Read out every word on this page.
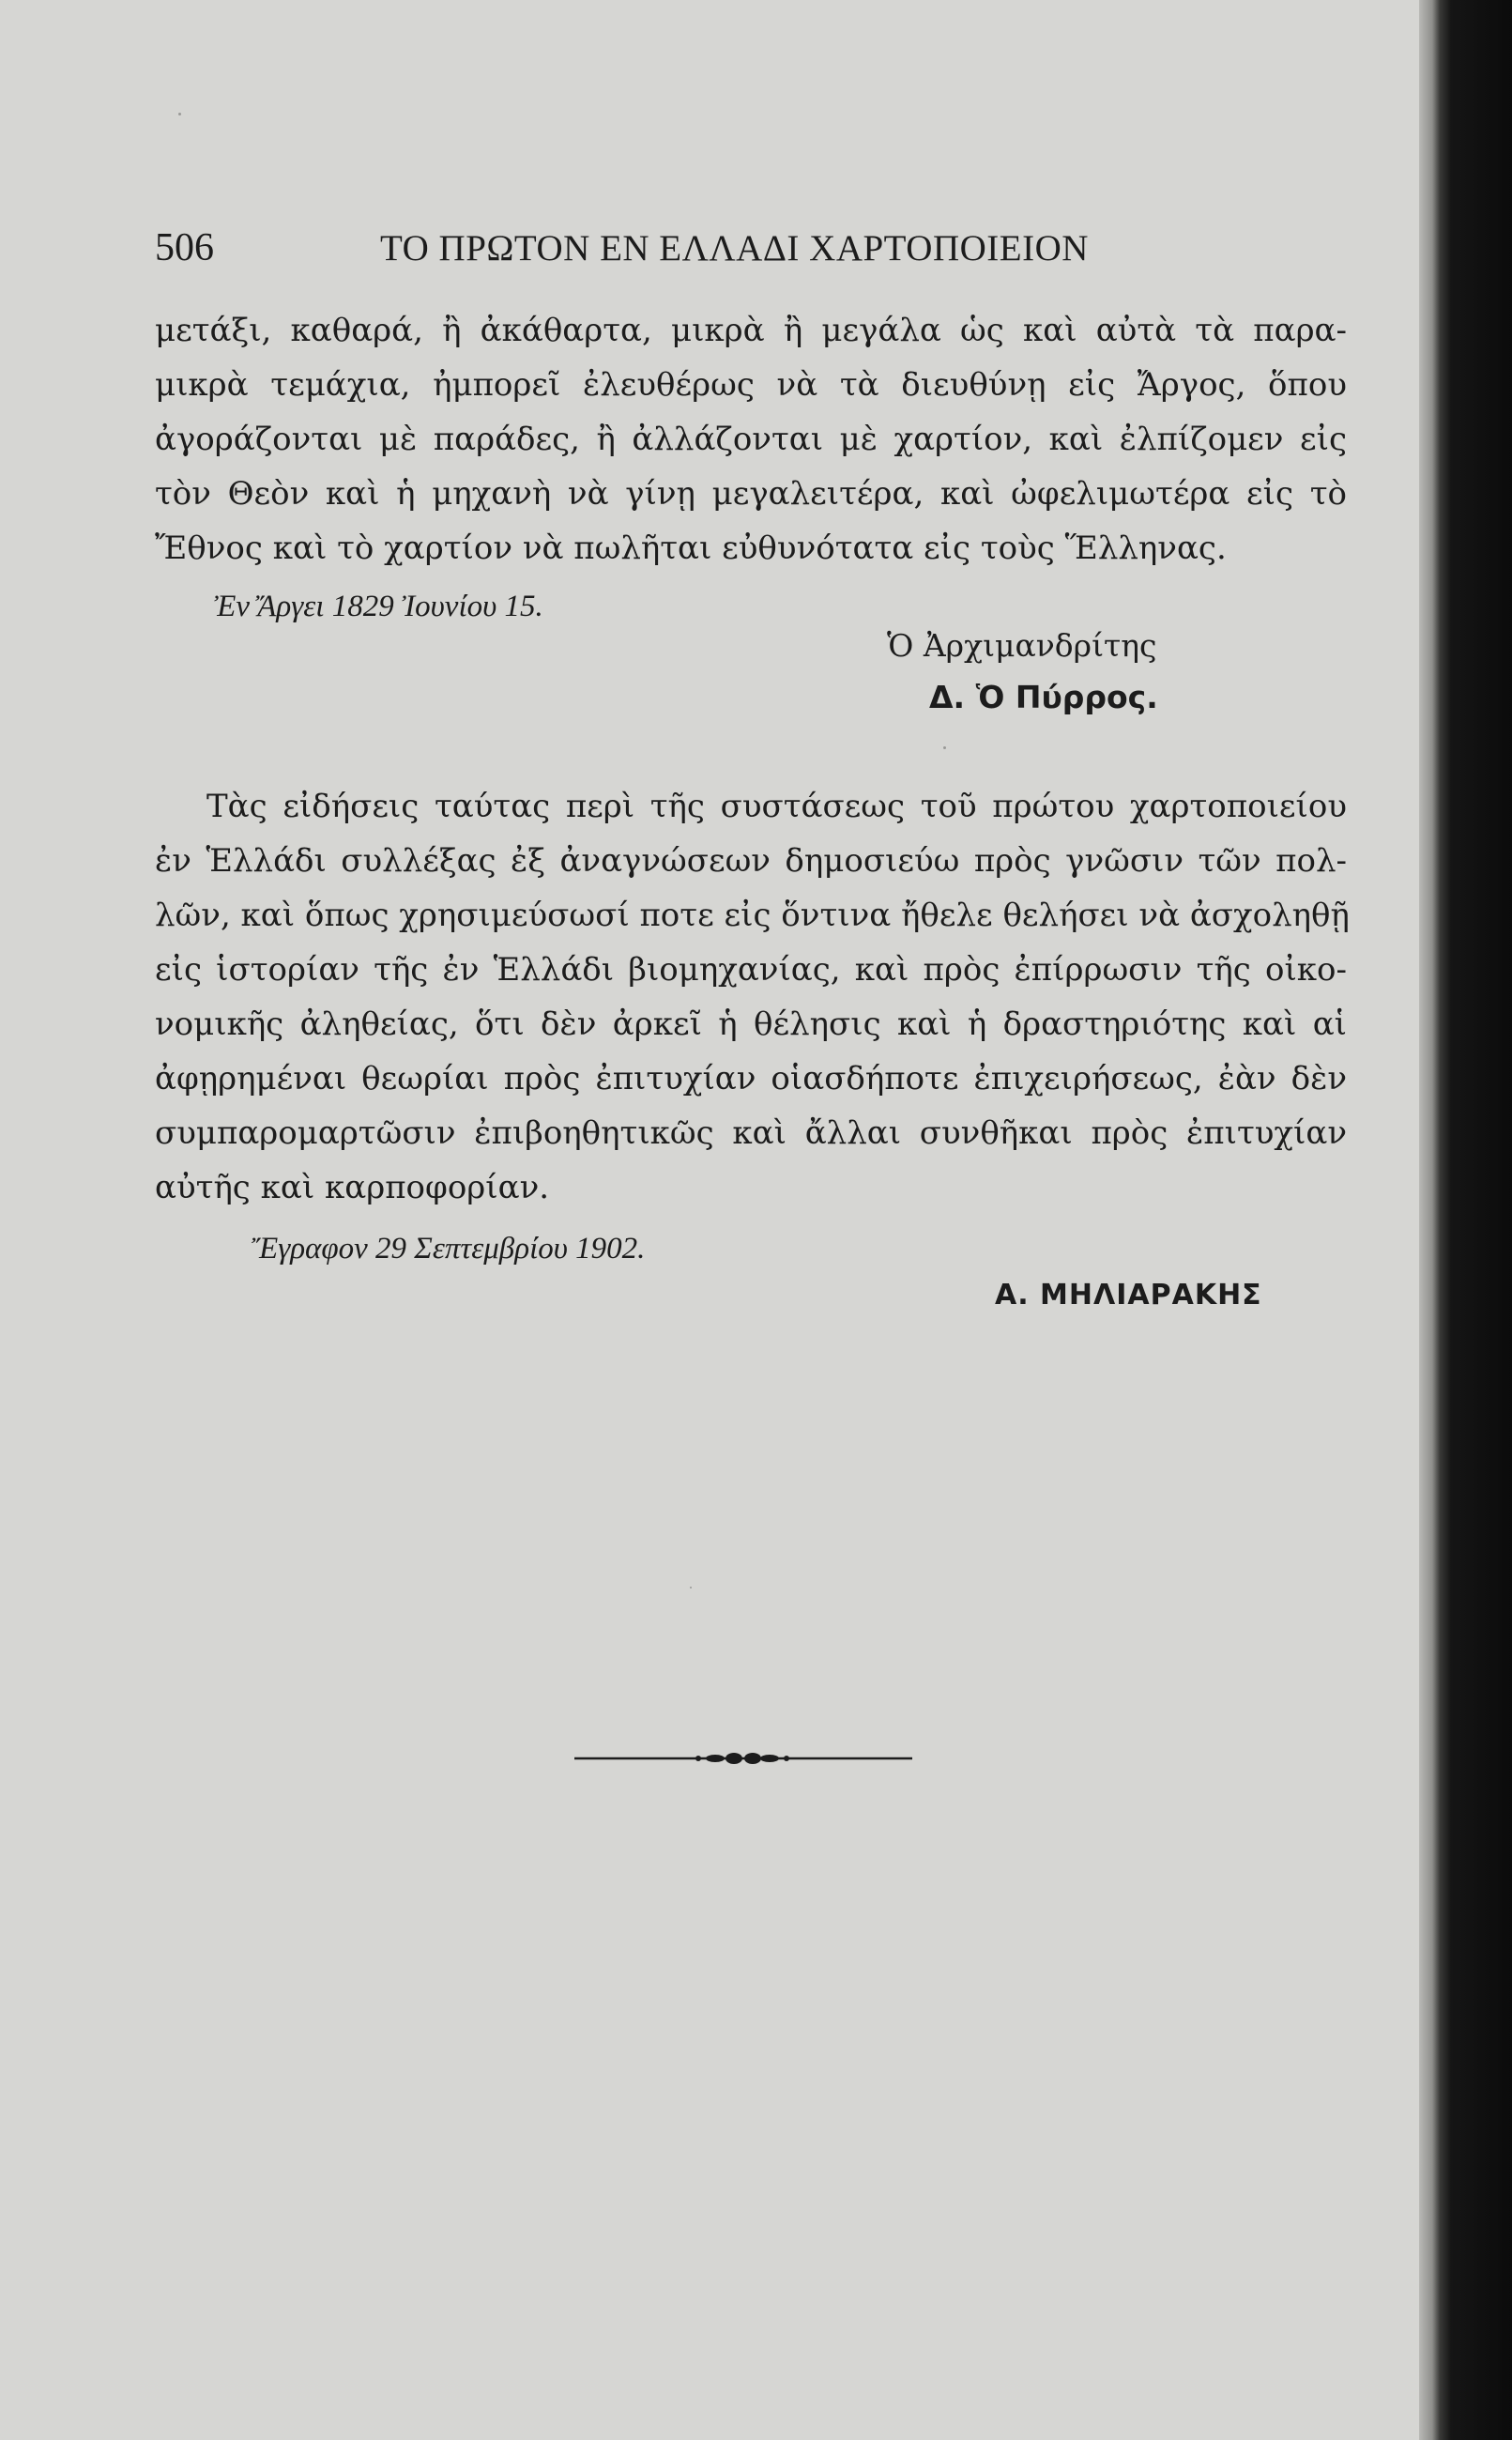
506	ΤΟ ΠΡΩΤΟΝ ΕΝ ΕΛΛΑΔΙ ΧΑΡΤΟΠΟΙΕΙΟΝ
μετάξι, καθαρά, ἢ ἀκάθαρτα, μικρὰ ἢ μεγάλα ὡς καὶ αὐτὰ τὰ παρα-
μικρὰ τεμάχια, ἠμπορεῖ ἐλευθέρως νὰ τὰ διευθύνῃ εἰς Ἄργος, ὅπου
ἀγοράζονται μὲ παράδες, ἢ ἀλλάζονται μὲ χαρτίον, καὶ ἐλπίζομεν εἰς
τὸν Θεὸν καὶ ἡ μηχανὴ νὰ γίνῃ μεγαλειτέρα, καὶ ὠφελιμωτέρα εἰς τὸ
Ἔθνος καὶ τὸ χαρτίον νὰ πωλῆται εὐθυνότατα εἰς τοὺς Ἕλληνας.
Ἐν Ἄργει 1829 Ἰουνίου 15.
Ὁ Ἀρχιμανδρίτης
Δ. Ὁ Πύρρος.
Τὰς εἰδήσεις ταύτας περὶ τῆς συστάσεως τοῦ πρώτου χαρτοποιείου
ἐν Ἑλλάδι συλλέξας ἐξ ἀναγνώσεων δημοσιεύω πρὸς γνῶσιν τῶν πολ-
λῶν, καὶ ὅπως χρησιμεύσωσί ποτε εἰς ὅντινα ἤθελε θελήσει νὰ ἀσχοληθῇ
εἰς ἱστορίαν τῆς ἐν Ἑλλάδι βιομηχανίας, καὶ πρὸς ἐπίρρωσιν τῆς οἰκο-
νομικῆς ἀληθείας, ὅτι δὲν ἀρκεῖ ἡ θέλησις καὶ ἡ δραστηριότης καὶ αἱ
ἀφῃρημέναι θεωρίαι πρὸς ἐπιτυχίαν οἱασδήποτε ἐπιχειρήσεως, ἐὰν δὲν
συμπαρομαρτῶσιν ἐπιβοηθητικῶς καὶ ἄλλαι συνθῆκαι πρὸς ἐπιτυχίαν
αὐτῆς καὶ καρποφορίαν.
Ἔγραφον 29 Σεπτεμβρίου 1902.
Α. ΜΗΛΙΑΡΑΚΗΣ
